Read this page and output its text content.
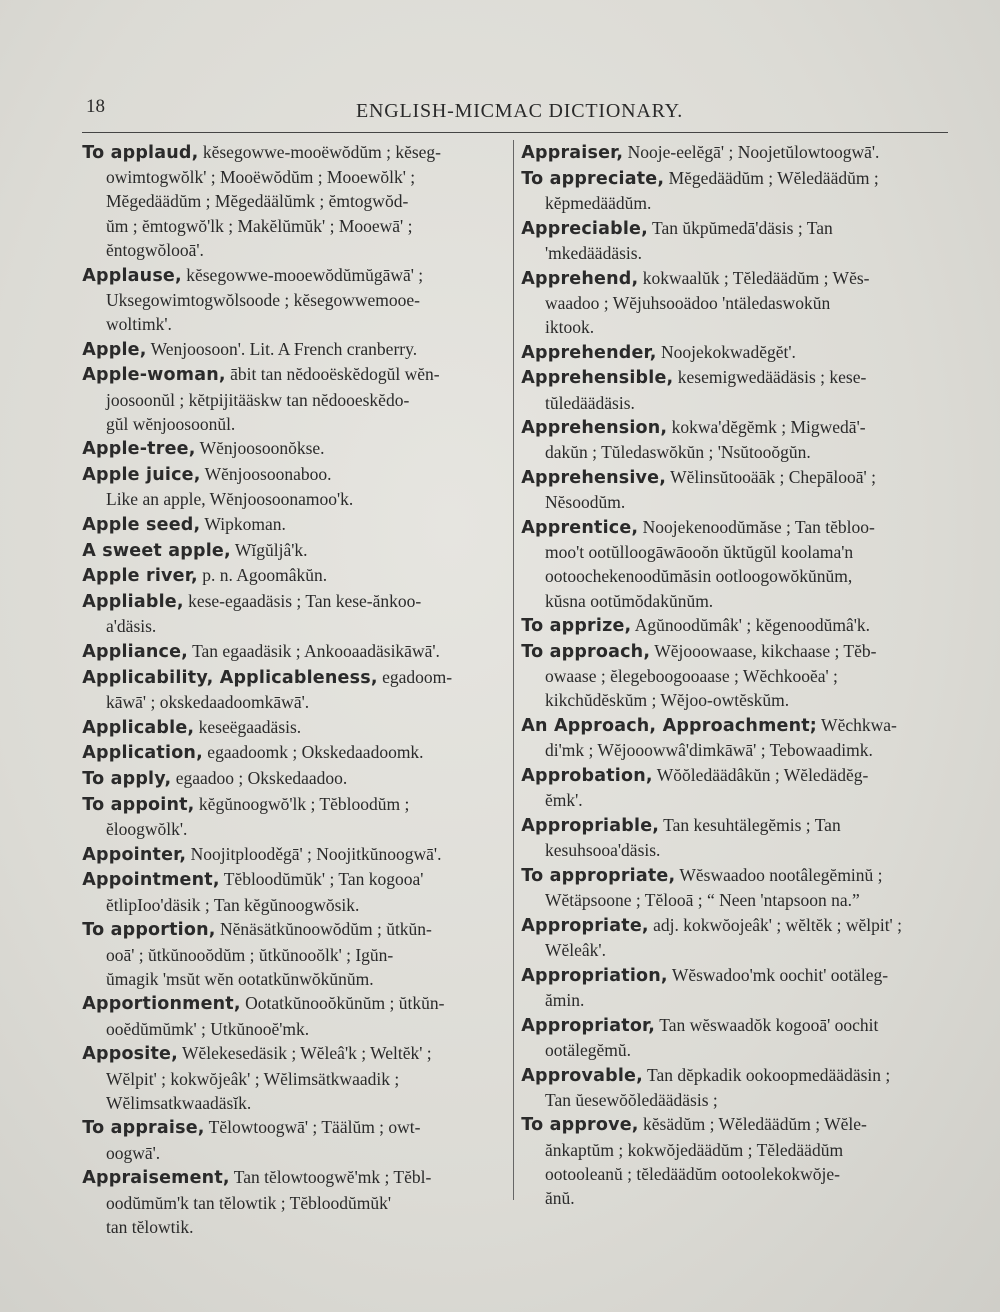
18	ENGLISH-MICMAC DICTIONARY.
To applaud, kĕsegowwe-mooëwŏdŭm ; kĕseg-
owimtogwŏlk' ; Mooëwŏdŭm ; Mooewŏlk' ;
Mĕgedäädŭm ; Mĕgedäälŭmk ; ĕmtogwŏd-
ŭm ; ĕmtogwŏ'lk ; Makĕlŭmŭk' ; Mooewā' ;
ĕntogwŏlooā'.
Applause, kĕsegowwe-mooewŏdŭmŭgāwā' ;
Uksegowimtogwŏlsoode ; kĕsegowwemooe-
woltimk'.
Apple, Wenjoosoon'. Lit. A French cranberry.
Apple-woman, ābit tan nĕdooëskĕdogŭl wĕn-
joosoonŭl ; kĕtpijitääskw tan nĕdooeskĕdo-
gŭl wĕnjoosoonŭl.
Apple-tree, Wĕnjoosoonŏkse.
Apple juice, Wĕnjoosoonaboo.
Like an apple, Wĕnjoosoonamoo'k.
Apple seed, Wipkoman.
A sweet apple, Wĭgŭljâ'k.
Apple river, p. n. Agoomâkŭn.
Appliable, kese-egaadäsis ; Tan kese-ănkoo-
a'däsis.
Appliance, Tan egaadäsik ; Ankooaadäsikāwā'.
Applicability, Applicableness, egadoom-
kāwā' ; okskedaadoomkāwā'.
Applicable, keseëgaadäsis.
Application, egaadoomk ; Okskedaadoomk.
To apply, egaadoo ; Okskedaadoo.
To appoint, kĕgŭnoogwŏ'lk ; Tĕbloodŭm ;
ĕloogwŏlk'.
Appointer, Noojitplooděgā' ; Noojitkŭnoogwā'.
Appointment, Tĕbloodŭmŭk' ; Tan kogooa'
ĕtlipIoo'däsik ; Tan kĕgŭnoogwŏsik.
To apportion, Nĕnäsätkŭnoowŏdŭm ; ŭtkŭn-
ooā' ; ŭtkŭnooŏdŭm ; ŭtkŭnooŏlk' ; Igŭn-
ŭmagik 'msŭt wĕn ootatkŭnwŏkŭnŭm.
Apportionment, Ootatkŭnooŏkŭnŭm ; ŭtkŭn-
ooĕdŭmŭmk' ; Utkŭnooĕ'mk.
Apposite, Wĕlekesedäsik ; Wĕleâ'k ; Weltĕk' ;
Wĕlpit' ; kokwŏjeâk' ; Wĕlimsätkwaadik ;
Wĕlimsatkwaadäsĭk.
To appraise, Tĕlowtoogwā' ; Täälŭm ; owt-
oogwā'.
Appraisement, Tan tĕlowtoogwĕ'mk ; Tĕbl-
oodŭmŭm'k tan tĕlowtik ; Tĕbloodŭmŭk'
tan tĕlowtik.
Appraiser, Nooje-eelĕgā' ; Noojetŭlowtoogwā'.
To appreciate, Mĕgedäädŭm ; Wĕledäädŭm ;
kĕpmedäädŭm.
Appreciable, Tan ŭkpŭmedā'däsis ; Tan
'mkedäädäsis.
Apprehend, kokwaalŭk ; Tĕledäädŭm ; Wĕs-
waadoo ; Wĕjuhsooädoo 'ntäledaswokŭn
iktook.
Apprehender, Noojekokwadĕgĕt'.
Apprehensible, kesemigwedäädäsis ; kese-
tŭledäädäsis.
Apprehension, kokwa'dĕgĕmk ; Migwedā'-
dakŭn ; Tŭledaswŏkŭn ; 'Nsŭtooŏgŭn.
Apprehensive, Wĕlinsŭtooäāk ; Chepālooā' ;
Nĕsoodŭm.
Apprentice, Noojekenoodŭmăse ; Tan tĕbloo-
moo't ootŭlloogāwāooŏn ŭktŭgŭl koolama'n
ootoochekenoodŭmăsin ootloogowŏkŭnŭm,
kŭsna ootŭmŏdakŭnŭm.
To apprize, Agŭnoodŭmâk' ; kĕgenoodŭmâ'k.
To approach, Wĕjooowaase, kikchaase ; Tĕb-
owaase ; ĕlegeboogooaase ; Wĕchkooĕa' ;
kikchŭdĕskŭm ; Wĕjoo-owtĕskŭm.
An Approach, Approachment; Wĕchkwa-
di'mk ; Wĕjooowwâ'dimkāwā' ; Tebowaadimk.
Approbation, Wŏŏledäädâkŭn ; Wĕledädĕg-
ĕmk'.
Appropriable, Tan kesuhtälegĕmis ; Tan
kesuhsooa'däsis.
To appropriate, Wĕswaadoo nootâlegĕminŭ ;
Wĕtäpsoone ; Tĕlooā ; “ Neen 'ntapsoon na.”
Appropriate, adj. kokwŏojeâk' ; wĕltĕk ; wĕlpit' ;
Wĕleâk'.
Appropriation, Wĕswadoo'mk oochit' ootäleg-
ămin.
Appropriator, Tan wĕswaadŏk kogooā' oochit
ootälegĕmŭ.
Approvable, Tan dĕpkadik ookoopmedäädäsin ;
Tan ŭesewŏŏledäädäsis ;
To approve, kĕsädŭm ; Wĕledäädŭm ; Wĕle-
ănkaptŭm ; kokwŏjedäädŭm ; Tĕledäädŭm
ootooleanŭ ; tĕledäädŭm ootoolekokwŏje-
ănŭ.
